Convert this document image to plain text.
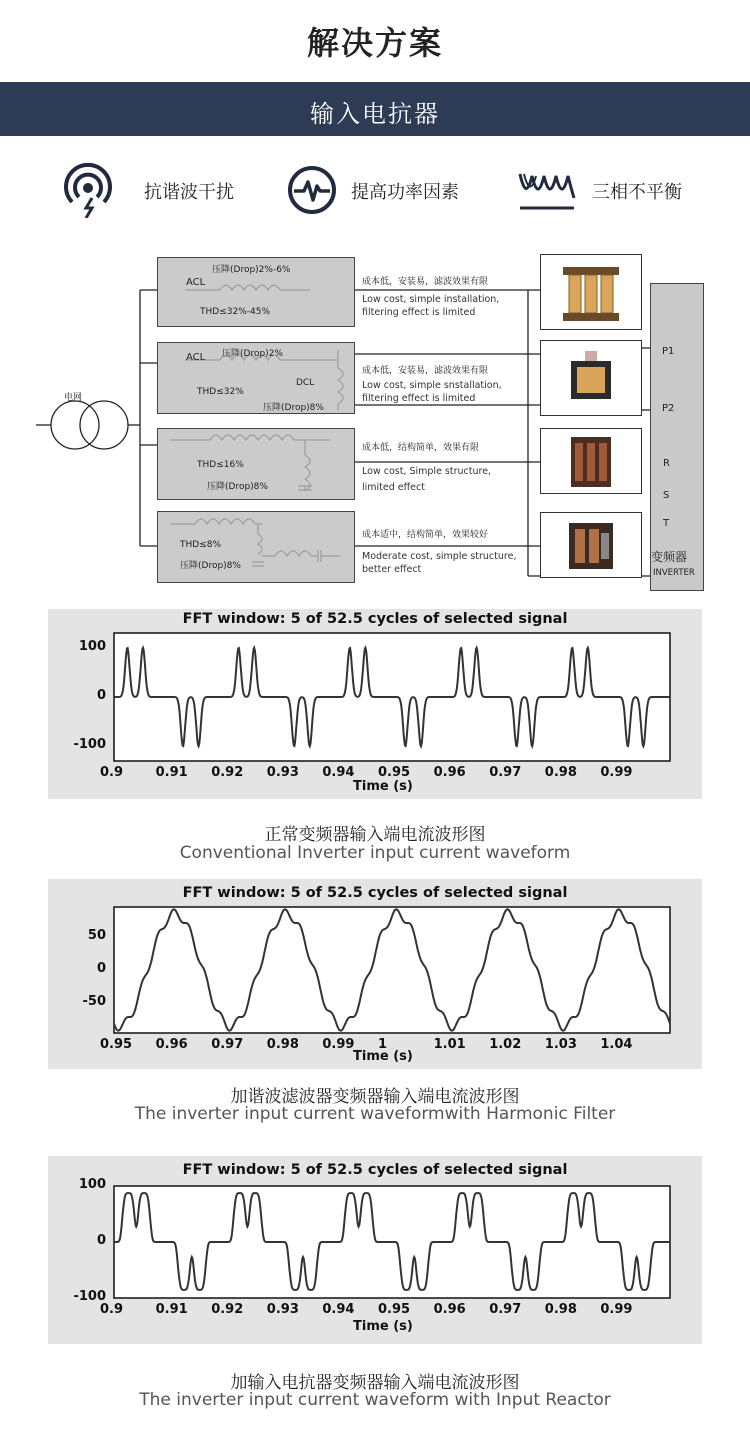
解决方案
输入电抗器
抗谐波干扰	提高功率因素	三相不平衡
电网
压降(Drop)2%-6%
ACL
THD≤32%-45%
ACL 压降(Drop)2%
THD≤32%
DCL
压降(Drop)8%
THD≤16%
压降(Drop)8%
THD≤8%
压降(Drop)8%
成本低，安装易，滤波效果有限
Low cost, simple installation,
filtering effect is limited
成本低，安装易，滤波效果有限
Low cost, simple snstallation,
filtering effect is limited
成本低，结构简单，效果有限
Low cost, Simple structure,
limited effect
成本适中，结构简单，效果较好
Moderate cost, simple structure,
better effect
P1
P2
R
S
T
变频器
INVERTER
FFT window: 5 of 52.5 cycles of selected signal
0.9	0.91 0.92 0.93 0.94 0.95 0.96 0.97 0.98 0.99
100
0
-100
Time (s)
正常变频器输入端电流波形图
Conventional Inverter input current waveform
FFT window: 5 of 52.5 cycles of selected signal
0.95 0.96 0.97 0.98 0.99 1	1.01 1.02 1.03 1.04
50
0
-50
Time (s)
加谐波滤波器变频器输入端电流波形图
The inverter input current waveformwith Harmonic Filter
FFT window: 5 of 52.5 cycles of selected signal
0.9	0.91 0.92 0.93 0.94 0.95 0.96 0.97 0.98 0.99
100
0
-100
Time (s)
加输入电抗器变频器输入端电流波形图
The inverter input current waveform with Input Reactor
